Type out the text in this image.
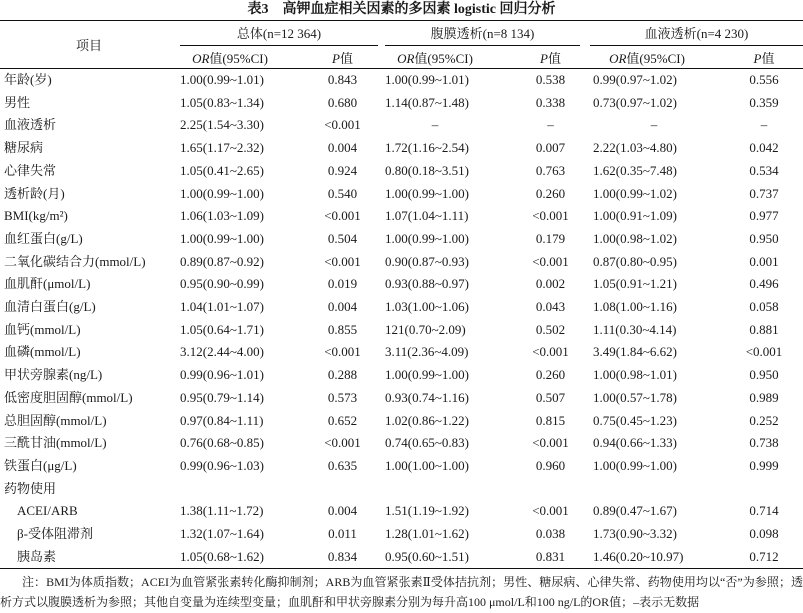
表3 高钾血症相关因素的多因素 logistic 回归分析
项目	总体(n=12 364)		腹膜透析(n=8 134)		血液透析(n=4 230)	

	OR值(95%CI)	P值	OR值(95%CI)	P值	OR值(95%CI)	P值
年龄(岁)	1.00(0.99~1.01)	0.843	1.00(0.99~1.01)	0.538	0.99(0.97~1.02)	0.556
男性	1.05(0.83~1.34)	0.680	1.14(0.87~1.48)	0.338	0.73(0.97~1.02)	0.359
血液透析	2.25(1.54~3.30)	<0.001	–	–	–	–
糖尿病	1.65(1.17~2.32)	0.004	1.72(1.16~2.54)	0.007	2.22(1.03~4.80)	0.042
心律失常	1.05(0.41~2.65)	0.924	0.80(0.18~3.51)	0.763	1.62(0.35~7.48)	0.534
透析龄(月)	1.00(0.99~1.00)	0.540	1.00(0.99~1.00)	0.260	1.00(0.99~1.02)	0.737
BMI(kg/m²)	1.06(1.03~1.09)	<0.001	1.07(1.04~1.11)	<0.001	1.00(0.91~1.09)	0.977
血红蛋白(g/L)	1.00(0.99~1.00)	0.504	1.00(0.99~1.00)	0.179	1.00(0.98~1.02)	0.950
二氧化碳结合力(mmol/L)	0.89(0.87~0.92)	<0.001	0.90(0.87~0.93)	<0.001	0.87(0.80~0.95)	0.001
血肌酐(μmol/L)	0.95(0.90~0.99)	0.019	0.93(0.88~0.97)	0.002	1.05(0.91~1.21)	0.496
血清白蛋白(g/L)	1.04(1.01~1.07)	0.004	1.03(1.00~1.06)	0.043	1.08(1.00~1.16)	0.058
血钙(mmol/L)	1.05(0.64~1.71)	0.855	121(0.70~2.09)	0.502	1.11(0.30~4.14)	0.881
血磷(mmol/L)	3.12(2.44~4.00)	<0.001	3.11(2.36~4.09)	<0.001	3.49(1.84~6.62)	<0.001
甲状旁腺素(ng/L)	0.99(0.96~1.01)	0.288	1.00(0.99~1.00)	0.260	1.00(0.98~1.01)	0.950
低密度胆固醇(mmol/L)	0.95(0.79~1.14)	0.573	0.93(0.74~1.16)	0.507	1.00(0.57~1.78)	0.989
总胆固醇(mmol/L)	0.97(0.84~1.11)	0.652	1.02(0.86~1.22)	0.815	0.75(0.45~1.23)	0.252
三酰甘油(mmol/L)	0.76(0.68~0.85)	<0.001	0.74(0.65~0.83)	<0.001	0.94(0.66~1.33)	0.738
铁蛋白(μg/L)	0.99(0.96~1.03)	0.635	1.00(1.00~1.00)	0.960	1.00(0.99~1.00)	0.999
药物使用						
ACEI/ARB	1.38(1.11~1.72)	0.004	1.51(1.19~1.92)	<0.001	0.89(0.47~1.67)	0.714
β-受体阻滞剂	1.32(1.07~1.64)	0.011	1.28(1.01~1.62)	0.038	1.73(0.90~3.32)	0.098
胰岛素	1.05(0.68~1.62)	0.834	0.95(0.60~1.51)	0.831	1.46(0.20~10.97)	0.712

注：BMI为体质指数；ACEI为血管紧张素转化酶抑制剂；ARB为血管紧张素Ⅱ受体拮抗剂；男性、糖尿病、心律失常、药物使用均以“否”为参照；透析方式以腹膜透析为参照；其他自变量为连续型变量；血肌酐和甲状旁腺素分别为每升高100 μmol/L和100 ng/L的OR值；–表示无数据
